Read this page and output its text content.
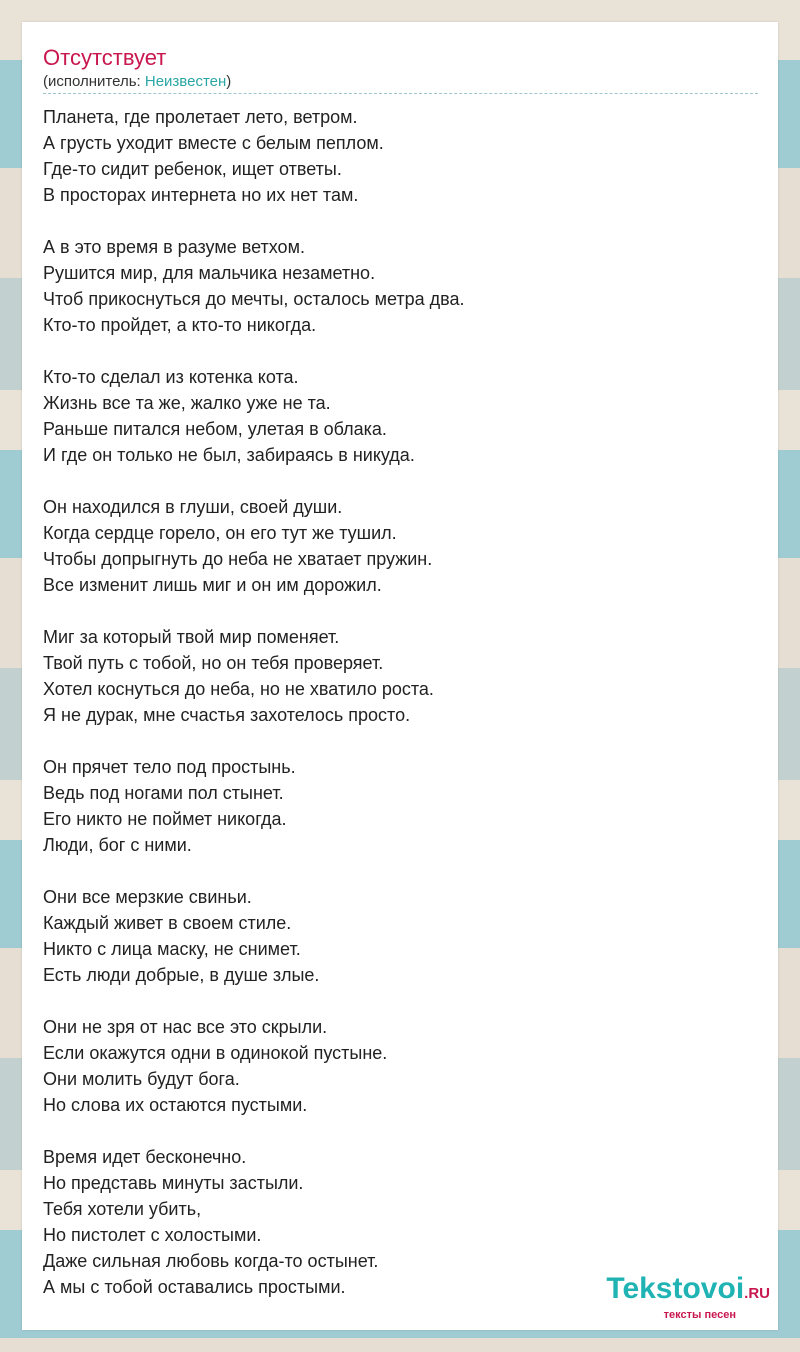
Отсутствует
(исполнитель: Неизвестен)
Планета, где пролетает лето, ветром.
А грусть уходит вместе с белым пеплом.
Где-то сидит ребенок, ищет ответы.
В просторах интернета но их нет там.
А в это время в разуме ветхом.
Рушится мир, для мальчика незаметно.
Чтоб прикоснуться до мечты, осталось метра два.
Кто-то пройдет, а кто-то никогда.
Кто-то сделал из котенка кота.
Жизнь все та же, жалко уже не та.
Раньше питался небом, улетая в облака.
И где он только не был, забираясь в никуда.
Он находился в глуши, своей души.
Когда сердце горело, он его тут же тушил.
Чтобы допрыгнуть до неба не хватает пружин.
Все изменит лишь миг и он им дорожил.
Миг за который твой мир поменяет.
Твой путь с тобой, но он тебя проверяет.
Хотел коснуться до неба, но не хватило роста.
Я не дурак, мне счастья захотелось просто.
Он прячет тело под простынь.
Ведь под ногами пол стынет.
Его никто не поймет никогда.
Люди, бог с ними.
Они все мерзкие свиньи.
Каждый живет в своем стиле.
Никто с лица маску, не снимет.
Есть люди добрые, в душе злые.
Они не зря от нас все это скрыли.
Если окажутся одни в одинокой пустыне.
Они молить будут бога.
Но слова их остаются пустыми.
Время идет бесконечно.
Но представь минуты застыли.
Тебя хотели убить,
Но пистолет с холостыми.
Даже сильная любовь когда-то остынет.
А мы с тобой оставались простыми.	Tekstovoi.RU
тексты песен
